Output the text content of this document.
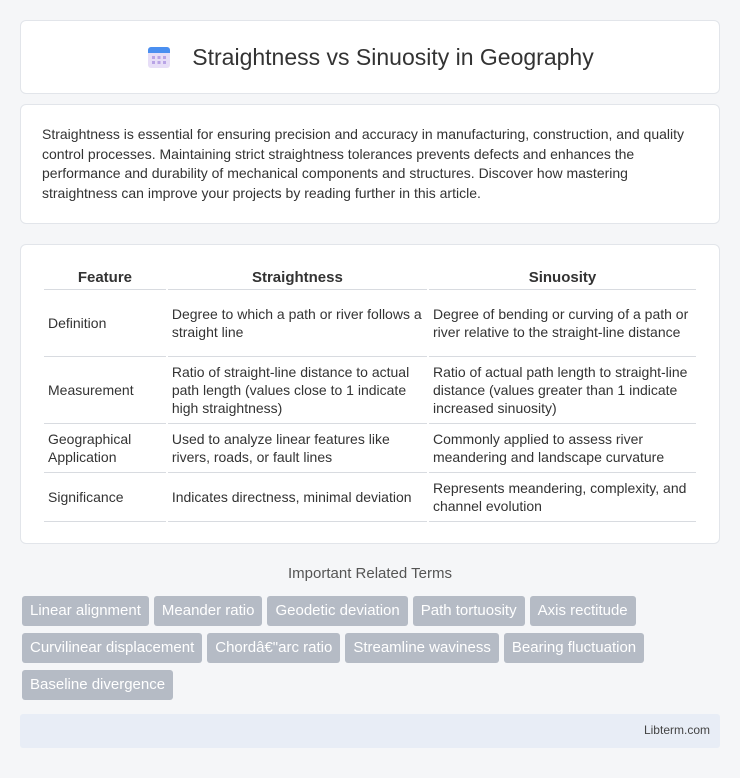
Straightness vs Sinuosity in Geography

Straightness is essential for ensuring precision and accuracy in manufacturing, construction, and quality control processes. Maintaining strict straightness tolerances prevents defects and enhances the performance and durability of mechanical components and structures. Discover how mastering straightness can improve your projects by reading further in this article.

Feature	Straightness	Sinuosity
Definition	Degree to which a path or river follows a straight line	Degree of bending or curving of a path or river relative to the straight-line distance
Measurement	Ratio of straight-line distance to actual path length (values close to 1 indicate high straightness)	Ratio of actual path length to straight-line distance (values greater than 1 indicate increased sinuosity)
Geographical Application	Used to analyze linear features like rivers, roads, or fault lines	Commonly applied to assess river meandering and landscape curvature
Significance	Indicates directness, minimal deviation	Represents meandering, complexity, and channel evolution
Important Related Terms
Linear alignment	Meander ratio	Geodetic deviation	Path tortuosity	Axis rectitude
Curvilinear displacement	Chordâ€"arc ratio	Streamline waviness	Bearing fluctuation
Baseline divergence
Libterm.com
